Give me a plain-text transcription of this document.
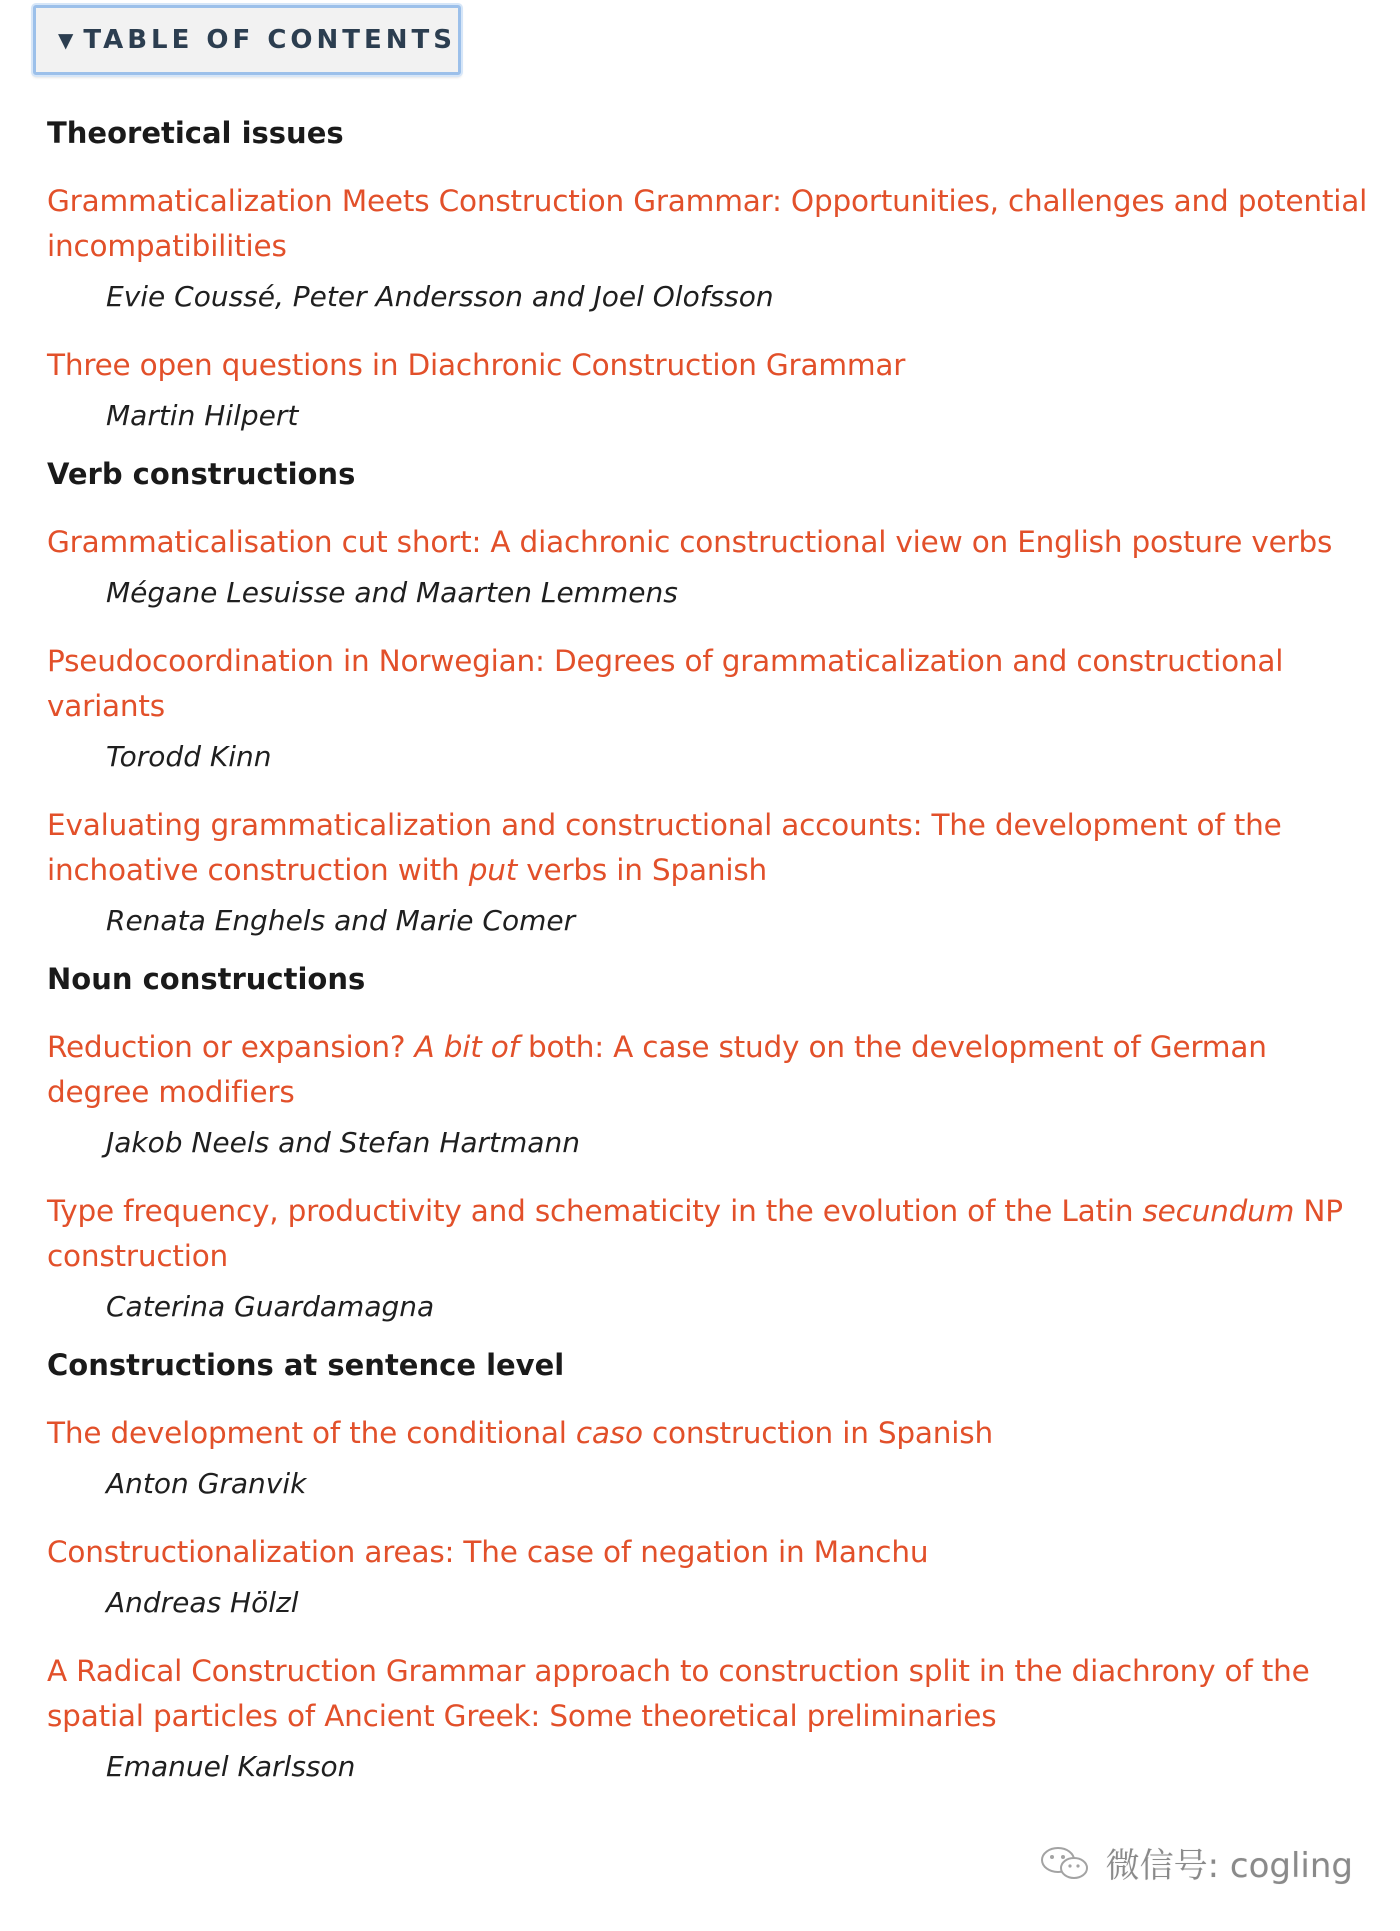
▼ TABLE OF CONTENTS
Theoretical issues
Grammaticalization Meets Construction Grammar: Opportunities, challenges and potential incompatibilities
Evie Coussé, Peter Andersson and Joel Olofsson
Three open questions in Diachronic Construction Grammar
Martin Hilpert
Verb constructions
Grammaticalisation cut short: A diachronic constructional view on English posture verbs
Mégane Lesuisse and Maarten Lemmens
Pseudocoordination in Norwegian: Degrees of grammaticalization and constructional variants
Torodd Kinn
Evaluating grammaticalization and constructional accounts: The development of the inchoative construction with put verbs in Spanish
Renata Enghels and Marie Comer
Noun constructions
Reduction or expansion? A bit of both: A case study on the development of German degree modifiers
Jakob Neels and Stefan Hartmann
Type frequency, productivity and schematicity in the evolution of the Latin secundum NP construction
Caterina Guardamagna
Constructions at sentence level
The development of the conditional caso construction in Spanish
Anton Granvik
Constructionalization areas: The case of negation in Manchu
Andreas Hölzl
A Radical Construction Grammar approach to construction split in the diachrony of the spatial particles of Ancient Greek: Some theoretical preliminaries
Emanuel Karlsson
微信号: cogling
